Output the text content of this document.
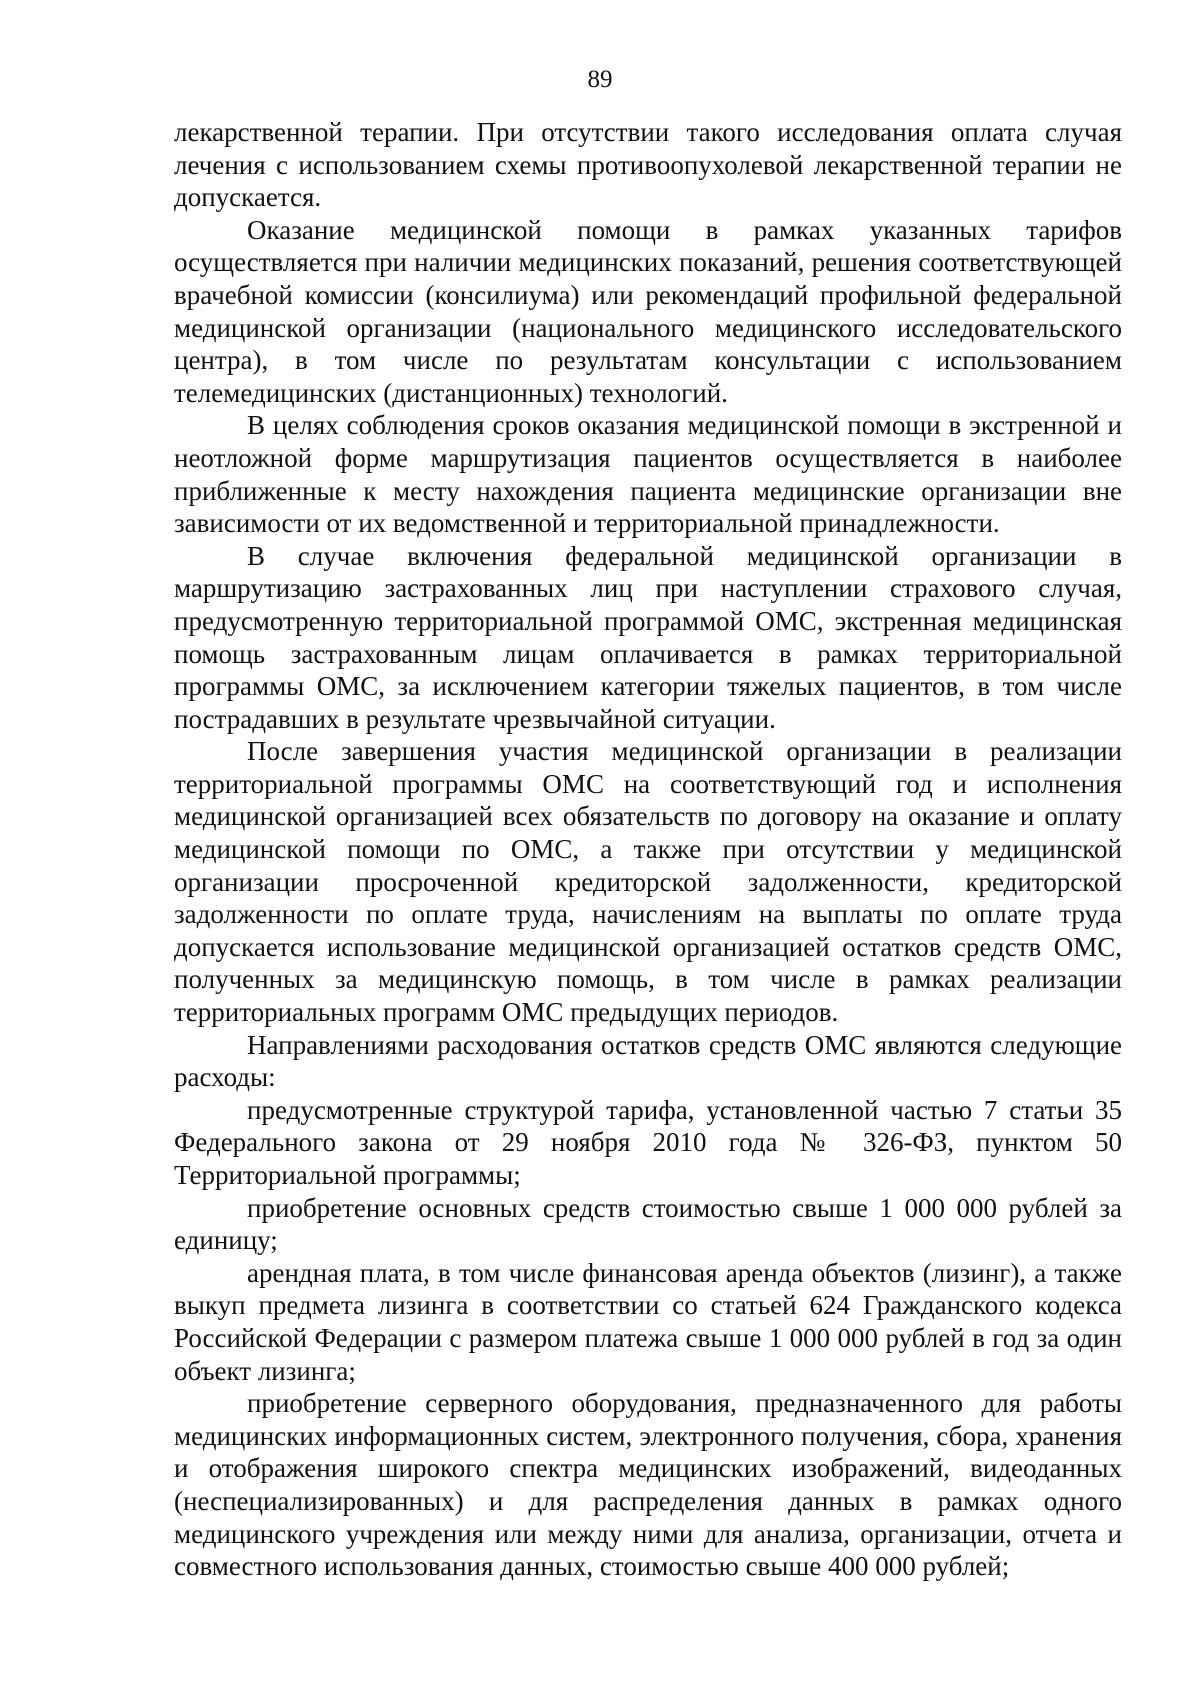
89

лекарственной терапии. При отсутствии такого исследования оплата случая лечения с использованием схемы противоопухолевой лекарственной терапии не допускается.

Оказание медицинской помощи в рамках указанных тарифов осуществляется при наличии медицинских показаний, решения соответствующей врачебной комиссии (консилиума) или рекомендаций профильной федеральной медицинской организации (национального медицинского исследовательского центра), в том числе по результатам консультации с использованием телемедицинских (дистанционных) технологий.

В целях соблюдения сроков оказания медицинской помощи в экстренной и неотложной форме маршрутизация пациентов осуществляется в наиболее приближенные к месту нахождения пациента медицинские организации вне зависимости от их ведомственной и территориальной принадлежности.

В случае включения федеральной медицинской организации в маршрутизацию застрахованных лиц при наступлении страхового случая, предусмотренную территориальной программой ОМС, экстренная медицинская помощь застрахованным лицам оплачивается в рамках территориальной программы ОМС, за исключением категории тяжелых пациентов, в том числе пострадавших в результате чрезвычайной ситуации.

После завершения участия медицинской организации в реализации территориальной программы ОМС на соответствующий год и исполнения медицинской организацией всех обязательств по договору на оказание и оплату медицинской помощи по ОМС, а также при отсутствии у медицинской организации просроченной кредиторской задолженности, кредиторской задолженности по оплате труда, начислениям на выплаты по оплате труда допускается использование медицинской организацией остатков средств ОМС, полученных за медицинскую помощь, в том числе в рамках реализации территориальных программ ОМС предыдущих периодов.

Направлениями расходования остатков средств ОМС являются следующие расходы:

предусмотренные структурой тарифа, установленной частью 7 статьи 35 Федерального закона от 29 ноября 2010 года № 326-ФЗ, пунктом 50 Территориальной программы;

приобретение основных средств стоимостью свыше 1 000 000 рублей за единицу;

арендная плата, в том числе финансовая аренда объектов (лизинг), а также выкуп предмета лизинга в соответствии со статьей 624 Гражданского кодекса Российской Федерации с размером платежа свыше 1 000 000 рублей в год за один объект лизинга;

приобретение серверного оборудования, предназначенного для работы медицинских информационных систем, электронного получения, сбора, хранения и отображения широкого спектра медицинских изображений, видеоданных (неспециализированных) и для распределения данных в рамках одного медицинского учреждения или между ними для анализа, организации, отчета и совместного использования данных, стоимостью свыше 400 000 рублей;
